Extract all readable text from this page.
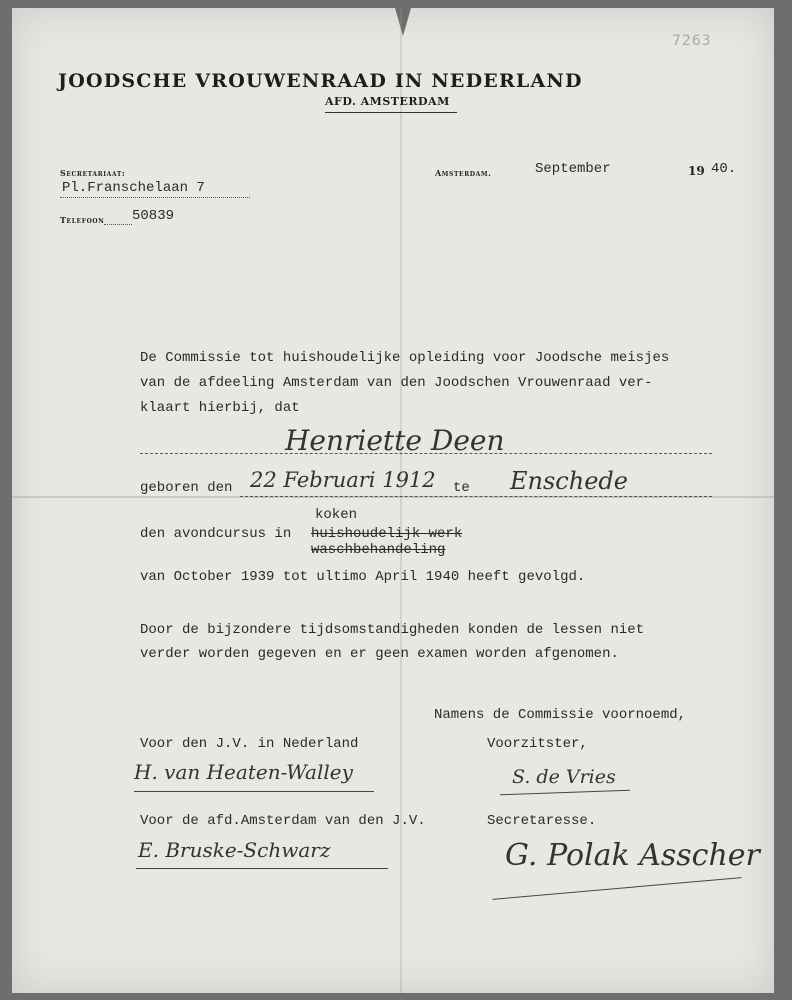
7263
JOODSCHE VROUWENRAAD IN NEDERLAND
AFD. AMSTERDAM
Secretariaat:
Pl.Franschelaan 7
Telefoon 50839
Amsterdam.	September	19 40.
De Commissie tot huishoudelijke opleiding voor Joodsche meisjes
van de afdeeling Amsterdam van den Joodschen Vrouwenraad ver-
klaart hierbij, dat
Henriette Deen
geboren den 22 Februari 1912 te Enschede
koken
den avondcursus in huishoudelijk werk
waschbehandeling
van October 1939 tot ultimo April 1940 heeft gevolgd.
Door de bijzondere tijdsomstandigheden konden de lessen niet
verder worden gegeven en er geen examen worden afgenomen.
Namens de Commissie voornoemd,
Voor den J.V. in Nederland
H. van Heaten-Walley
Voorzitster,
S. de Vries
Voor de afd.Amsterdam van den J.V.
E. Bruske-Schwarz
Secretaresse.
G. Polak Asscher
